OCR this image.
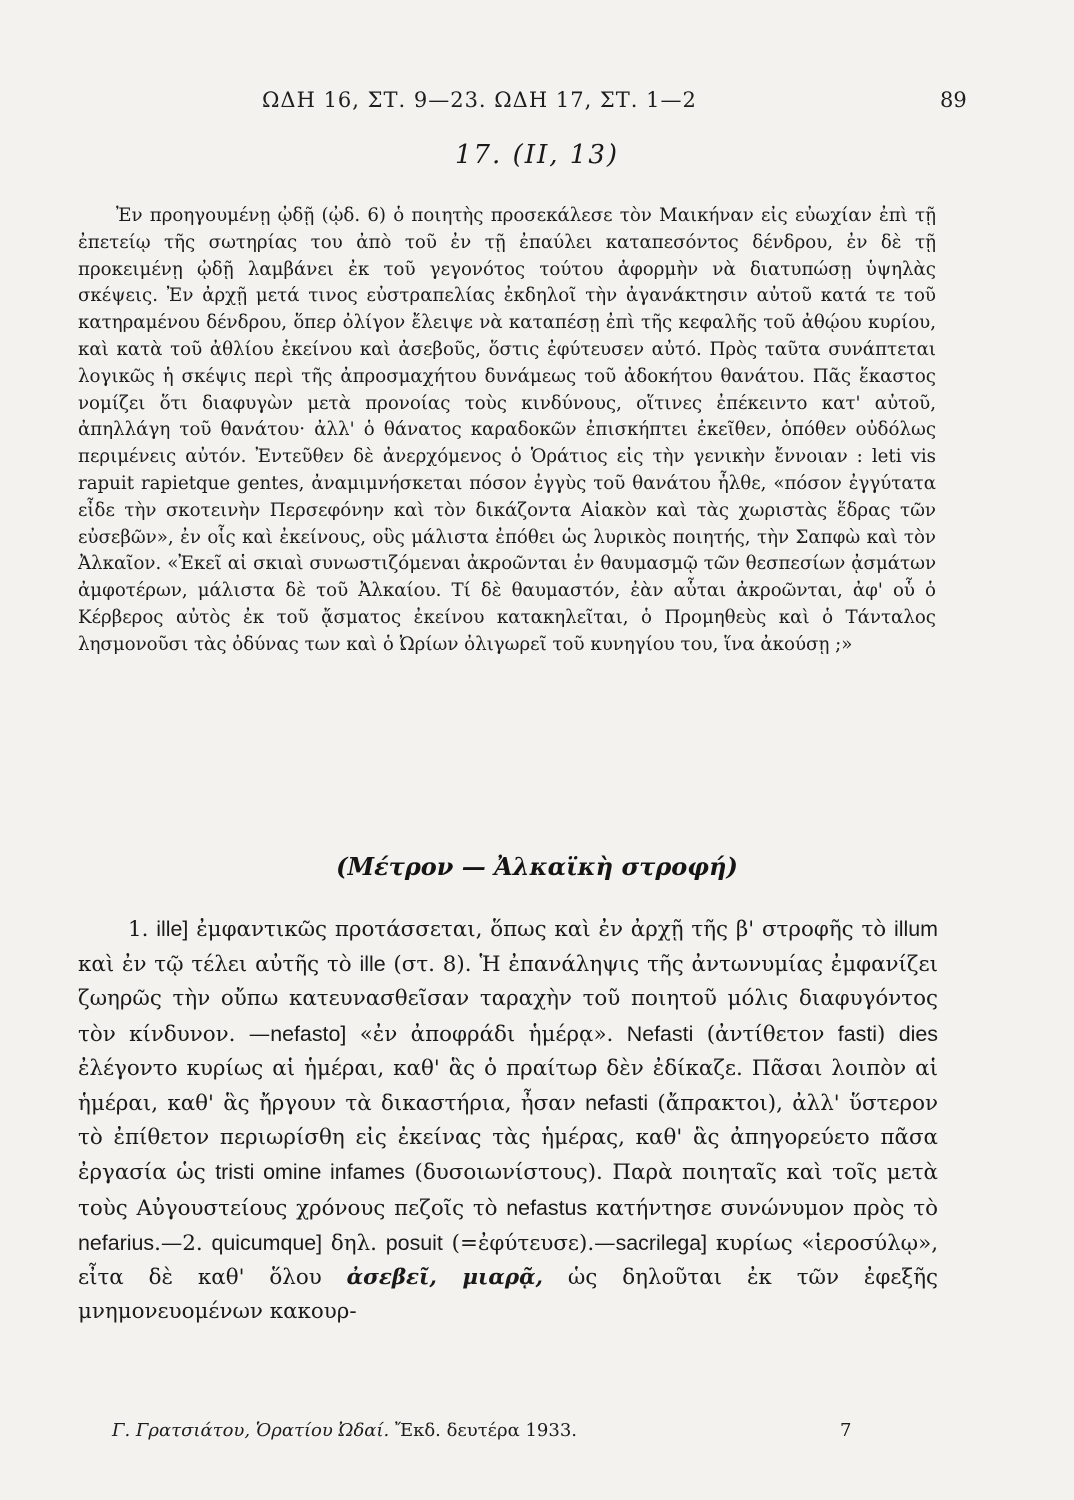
ΩΔΗ 16, ΣΤ. 9—23. ΩΔΗ 17, ΣΤ. 1—2	89
17. (II, 13)

Ἐν προηγουμένῃ ᾠδῇ (ᾠδ. 6) ὁ ποιητὴς προσεκάλεσε τὸν Μαικήναν εἰς εὐωχίαν ἐπὶ τῇ ἐπετείῳ τῆς σωτηρίας του ἀπὸ τοῦ ἐν τῇ ἐπαύλει καταπεσόντος δένδρου, ἐν δὲ τῇ προκειμένῃ ᾠδῇ λαμβάνει ἐκ τοῦ γεγονότος τούτου ἀφορμὴν νὰ διατυπώσῃ ὑψηλὰς σκέψεις. Ἐν ἀρχῇ μετά τινος εὐστραπελίας ἐκδηλοῖ τὴν ἀγανάκτησιν αὐτοῦ κατά τε τοῦ κατηραμένου δένδρου, ὅπερ ὀλίγον ἔλειψε νὰ καταπέσῃ ἐπὶ τῆς κεφαλῆς τοῦ ἀθῴου κυρίου, καὶ κατὰ τοῦ ἀθλίου ἐκείνου καὶ ἀσεβοῦς, ὅστις ἐφύτευσεν αὐτό. Πρὸς ταῦτα συνάπτεται λογικῶς ἡ σκέψις περὶ τῆς ἀπροσμαχήτου δυνάμεως τοῦ ἀδοκήτου θανάτου. Πᾶς ἕκαστος νομίζει ὅτι διαφυγὼν μετὰ προνοίας τοὺς κινδύνους, οἵτινες ἐπέκειντο κατ' αὐτοῦ, ἀπηλλάγη τοῦ θανάτου· ἀλλ' ὁ θάνατος καραδοκῶν ἐπισκήπτει ἐκεῖθεν, ὁπόθεν οὐδόλως περιμένεις αὐτόν. Ἐντεῦθεν δὲ ἀνερχόμενος ὁ Ὁράτιος εἰς τὴν γενικὴν ἔννοιαν : leti vis rapuit rapietque gentes, ἀναμιμνήσκεται πόσον ἐγγὺς τοῦ θανάτου ἦλθε, «πόσον ἐγγύτατα εἶδε τὴν σκοτεινὴν Περσεφόνην καὶ τὸν δικάζοντα Αἰακὸν καὶ τὰς χωριστὰς ἕδρας τῶν εὐσεβῶν», ἐν οἷς καὶ ἐκείνους, οὓς μάλιστα ἐπόθει ὡς λυρικὸς ποιητής, τὴν Σαπφὼ καὶ τὸν Ἀλκαῖον. «Ἐκεῖ αἱ σκιαὶ συνωστιζόμεναι ἀκροῶνται ἐν θαυμασμῷ τῶν θεσπεσίων ᾀσμάτων ἀμφοτέρων, μάλιστα δὲ τοῦ Ἀλκαίου. Τί δὲ θαυμαστόν, ἐὰν αὗται ἀκροῶνται, ἀφ' οὗ ὁ Κέρβερος αὐτὸς ἐκ τοῦ ᾄσματος ἐκείνου κατακηλεῖται, ὁ Προμηθεὺς καὶ ὁ Τάνταλος λησμονοῦσι τὰς ὀδύνας των καὶ ὁ Ὠρίων ὀλιγωρεῖ τοῦ κυνηγίου του, ἵνα ἀκούσῃ ;»

(Μέτρον — Ἀλκαϊκὴ στροφή)

1. ille] ἐμφαντικῶς προτάσσεται, ὅπως καὶ ἐν ἀρχῇ τῆς β' στροφῆς τὸ illum καὶ ἐν τῷ τέλει αὐτῆς τὸ ille (στ. 8). Ἡ ἐπανάληψις τῆς ἀντωνυμίας ἐμφανίζει ζωηρῶς τὴν οὔπω κατευνασθεῖσαν ταραχὴν τοῦ ποιητοῦ μόλις διαφυγόντος τὸν κίνδυνον. —nefasto] «ἐν ἀποφράδι ἡμέρᾳ». Nefasti (ἀντίθετον fasti) dies ἐλέγοντο κυρίως αἱ ἡμέραι, καθ' ἃς ὁ πραίτωρ δὲν ἐδίκαζε. Πᾶσαι λοιπὸν αἱ ἡμέραι, καθ' ἃς ἤργουν τὰ δικαστήρια, ἦσαν nefasti (ἄπρακτοι), ἀλλ' ὕστερον τὸ ἐπίθετον περιωρίσθη εἰς ἐκείνας τὰς ἡμέρας, καθ' ἃς ἀπηγορεύετο πᾶσα ἐργασία ὡς tristi omine infames (δυσοιωνίστους). Παρὰ ποιηταῖς καὶ τοῖς μετὰ τοὺς Αὐγουστείους χρόνους πεζοῖς τὸ nefastus κατήντησε συνώνυμον πρὸς τὸ nefarius.—2. quicumque] δηλ. posuit (=ἐφύτευσε).—sacrilega] κυρίως «ἱεροσύλῳ», εἶτα δὲ καθ' ὅλου ἀσεβεῖ, μιαρᾷ, ὡς δηλοῦται ἐκ τῶν ἐφεξῆς μνημονευομένων κακουρ-

Γ. Γρατσιάτου, Ὁρατίου Ὠδαί. Ἔκδ. δευτέρα 1933.	7
